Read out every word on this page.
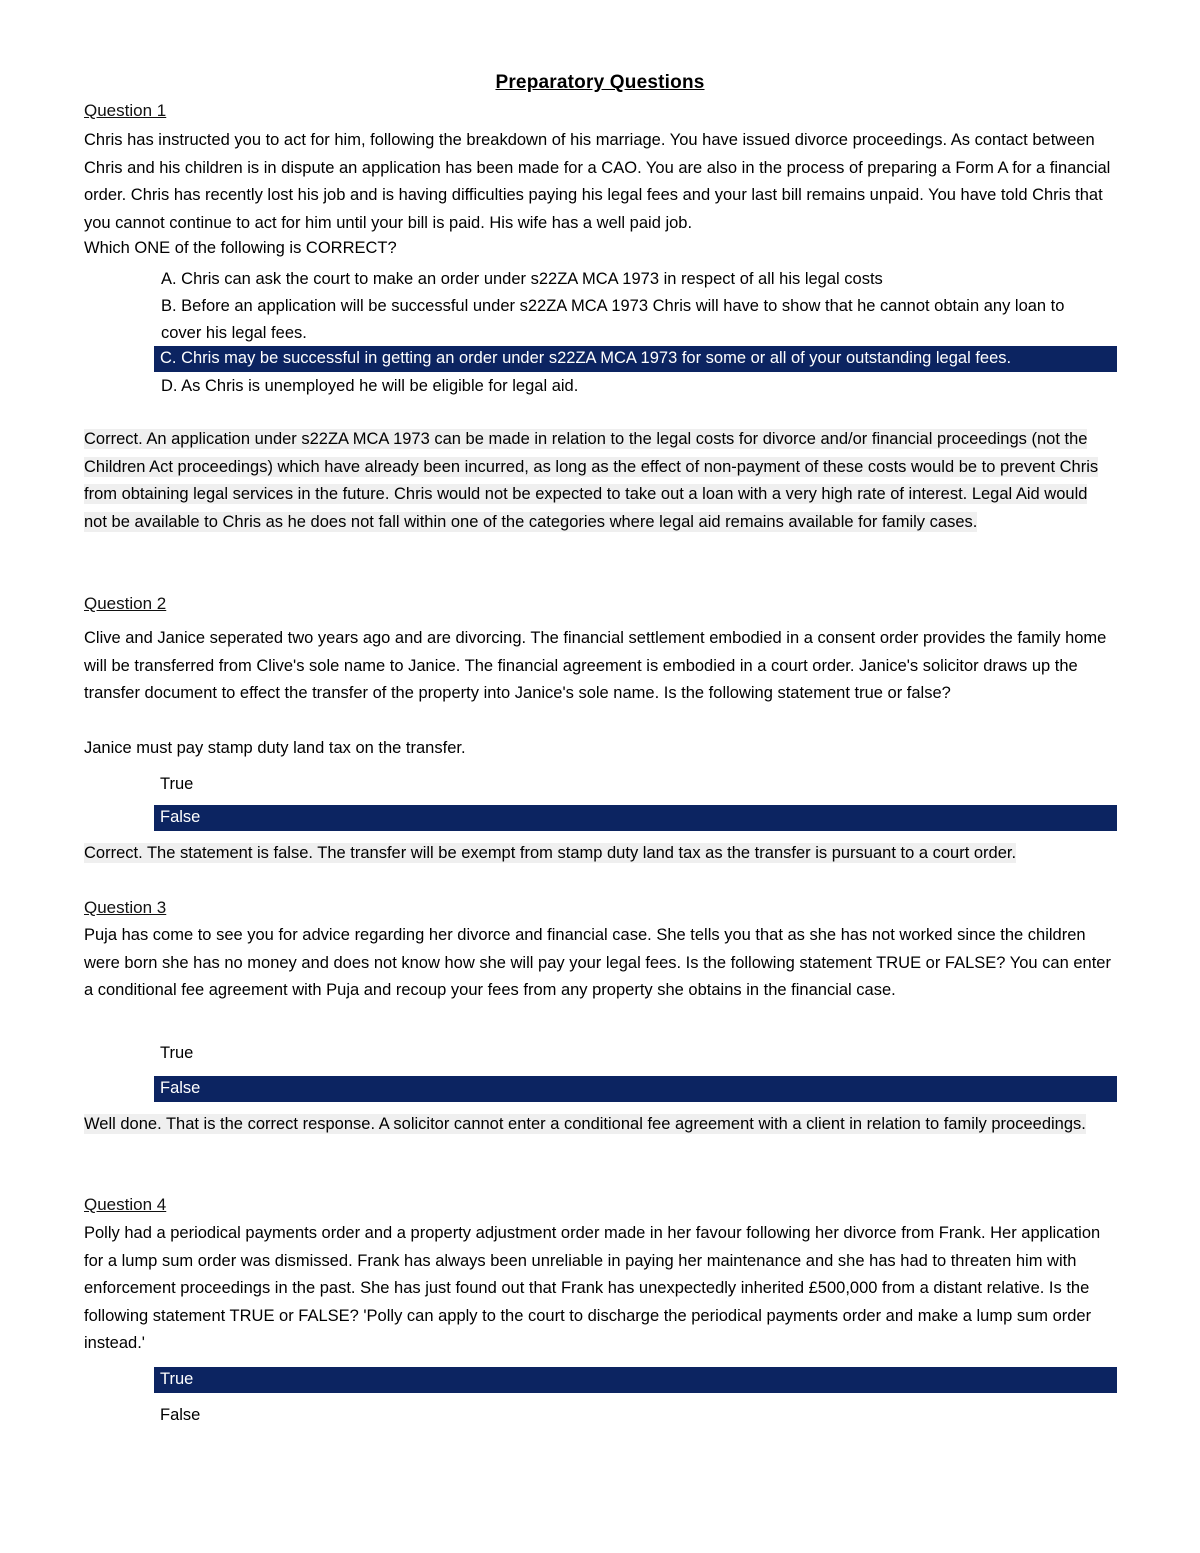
Preparatory Questions
Question 1
Chris has instructed you to act for him, following the breakdown of his marriage. You have issued divorce proceedings. As contact between Chris and his children is in dispute an application has been made for a CAO. You are also in the process of preparing a Form A for a financial order. Chris has recently lost his job and is having difficulties paying his legal fees and your last bill remains unpaid. You have told Chris that you cannot continue to act for him until your bill is paid. His wife has a well paid job.
Which ONE of the following is CORRECT?
A. Chris can ask the court to make an order under s22ZA MCA 1973 in respect of all his legal costs
B. Before an application will be successful under s22ZA MCA 1973 Chris will have to show that he cannot obtain any loan to cover his legal fees.
C. Chris may be successful in getting an order under s22ZA MCA 1973 for some or all of your outstanding legal fees.
D. As Chris is unemployed he will be eligible for legal aid.
Correct. An application under s22ZA MCA 1973 can be made in relation to the legal costs for divorce and/or financial proceedings (not the Children Act proceedings) which have already been incurred, as long as the effect of non-payment of these costs would be to prevent Chris from obtaining legal services in the future. Chris would not be expected to take out a loan with a very high rate of interest. Legal Aid would not be available to Chris as he does not fall within one of the categories where legal aid remains available for family cases.
Question 2
Clive and Janice seperated two years ago and are divorcing. The financial settlement embodied in a consent order provides the family home will be transferred from Clive's sole name to Janice. The financial agreement is embodied in a court order. Janice's solicitor draws up the transfer document to effect the transfer of the property into Janice's sole name. Is the following statement true or false?
Janice must pay stamp duty land tax on the transfer.
True
False
Correct. The statement is false. The transfer will be exempt from stamp duty land tax as the transfer is pursuant to a court order.
Question 3
Puja has come to see you for advice regarding her divorce and financial case. She tells you that as she has not worked since the children were born she has no money and does not know how she will pay your legal fees. Is the following statement TRUE or FALSE? You can enter a conditional fee agreement with Puja and recoup your fees from any property she obtains in the financial case.
True
False
Well done. That is the correct response. A solicitor cannot enter a conditional fee agreement with a client in relation to family proceedings.
Question 4
Polly had a periodical payments order and a property adjustment order made in her favour following her divorce from Frank. Her application for a lump sum order was dismissed. Frank has always been unreliable in paying her maintenance and she has had to threaten him with enforcement proceedings in the past. She has just found out that Frank has unexpectedly inherited £500,000 from a distant relative. Is the following statement TRUE or FALSE? 'Polly can apply to the court to discharge the periodical payments order and make a lump sum order instead.'
True
False
